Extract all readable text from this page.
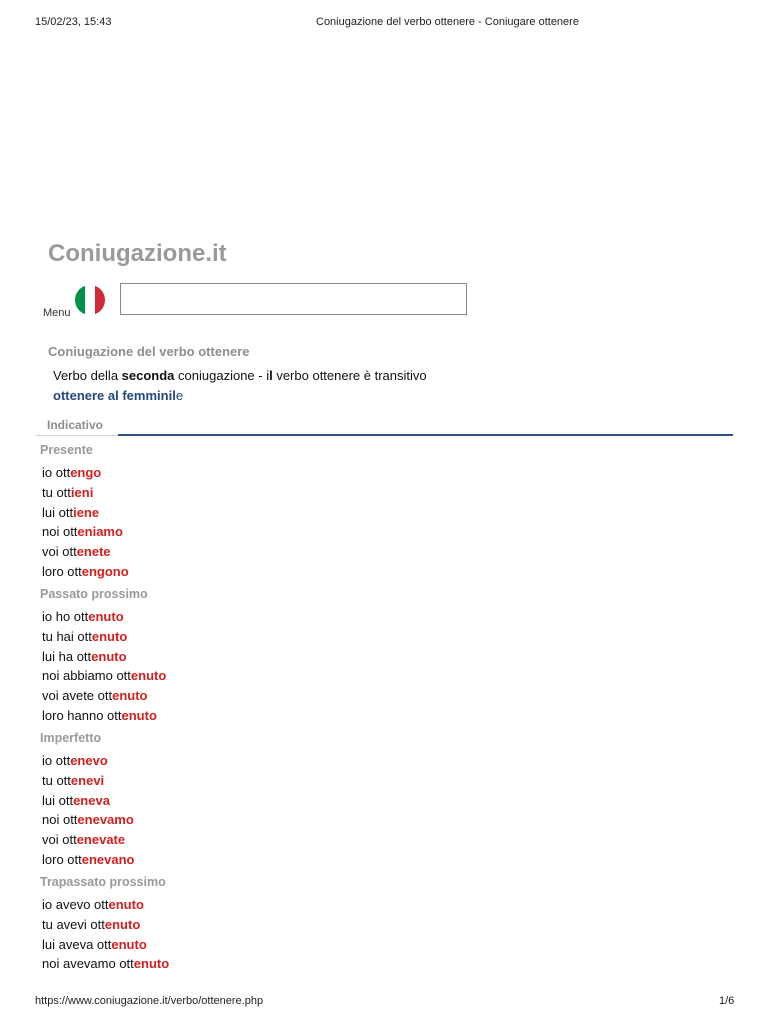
15/02/23, 15:43	Coniugazione del verbo ottenere - Coniugare ottenere
Coniugazione.it
Menu
Coniugazione del verbo ottenere
Verbo della seconda coniugazione - il verbo ottenere è transitivo
ottenere al femminile
Indicativo
Presente
io ottengo
tu ottieni
lui ottiene
noi otteniamo
voi ottenete
loro ottengono
Passato prossimo
io ho ottenuto
tu hai ottenuto
lui ha ottenuto
noi abbiamo ottenuto
voi avete ottenuto
loro hanno ottenuto
Imperfetto
io ottenevo
tu ottenevi
lui otteneva
noi ottenevamo
voi ottenevate
loro ottenevano
Trapassato prossimo
io avevo ottenuto
tu avevi ottenuto
lui aveva ottenuto
noi avevamo ottenuto
https://www.coniugazione.it/verbo/ottenere.php	1/6
